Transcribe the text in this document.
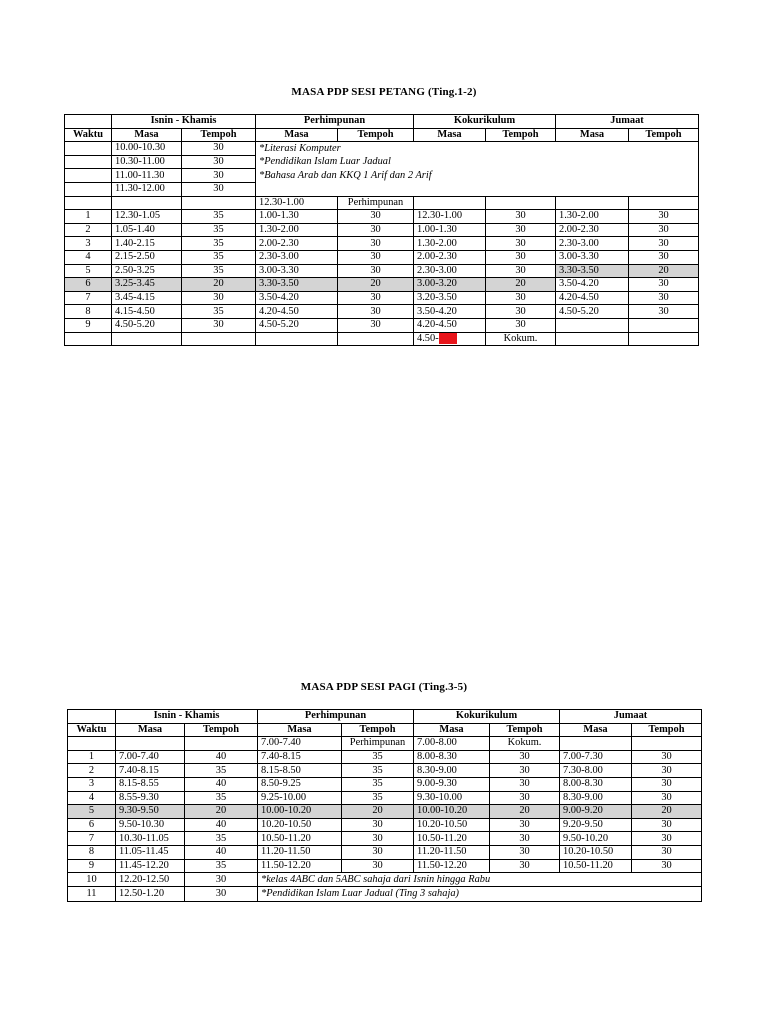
MASA PDP SESI PETANG (Ting.1-2)
	Isnin - Khamis		Perhimpunan		Kokurikulum		Jumaat	
Waktu	Masa	Tempoh	Masa	Tempoh	Masa	Tempoh	Masa	Tempoh
	10.00-10.30	30	*Literasi Komputer
*Pendidikan Islam Luar Jadual
*Bahasa Arab dan KKQ 1 Arif dan 2 Arif					

	10.30-11.00	30						
	11.00-11.30	30						
	11.30-12.00	30						
			12.30-1.00	Perhimpunan				
1	12.30-1.05	35	1.00-1.30	30	12.30-1.00	30	1.30-2.00	30
2	1.05-1.40	35	1.30-2.00	30	1.00-1.30	30	2.00-2.30	30
3	1.40-2.15	35	2.00-2.30	30	1.30-2.00	30	2.30-3.00	30
4	2.15-2.50	35	2.30-3.00	30	2.00-2.30	30	3.00-3.30	30
5	2.50-3.25	35	3.00-3.30	30	2.30-3.00	30	3.30-3.50	20
6	3.25-3.45	20	3.30-3.50	20	3.00-3.20	20	3.50-4.20	30
7	3.45-4.15	30	3.50-4.20	30	3.20-3.50	30	4.20-4.50	30
8	4.15-4.50	35	4.20-4.50	30	3.50-4.20	30	4.50-5.20	30
9	4.50-5.20	30	4.50-5.20	30	4.20-4.50	30		
					4.50-5.50	Kokum.		
MASA PDP SESI PAGI (Ting.3-5)
	Isnin - Khamis		Perhimpunan		Kokurikulum		Jumaat	
Waktu	Masa	Tempoh	Masa	Tempoh	Masa	Tempoh	Masa	Tempoh
			7.00-7.40	Perhimpunan	7.00-8.00	Kokum.		
1	7.00-7.40	40	7.40-8.15	35	8.00-8.30	30	7.00-7.30	30
2	7.40-8.15	35	8.15-8.50	35	8.30-9.00	30	7.30-8.00	30
3	8.15-8.55	40	8.50-9.25	35	9.00-9.30	30	8.00-8.30	30
4	8.55-9.30	35	9.25-10.00	35	9.30-10.00	30	8.30-9.00	30
5	9.30-9.50	20	10.00-10.20	20	10.00-10.20	20	9.00-9.20	20
6	9.50-10.30	40	10.20-10.50	30	10.20-10.50	30	9.20-9.50	30
7	10.30-11.05	35	10.50-11.20	30	10.50-11.20	30	9.50-10.20	30
8	11.05-11.45	40	11.20-11.50	30	11.20-11.50	30	10.20-10.50	30
9	11.45-12.20	35	11.50-12.20	30	11.50-12.20	30	10.50-11.20	30
10	12.20-12.50	30	*kelas 4ABC dan 5ABC sahaja dari Isnin hingga Rabu					
11	12.50-1.20	30	*Pendidikan Islam Luar Jadual (Ting 3 sahaja)					
